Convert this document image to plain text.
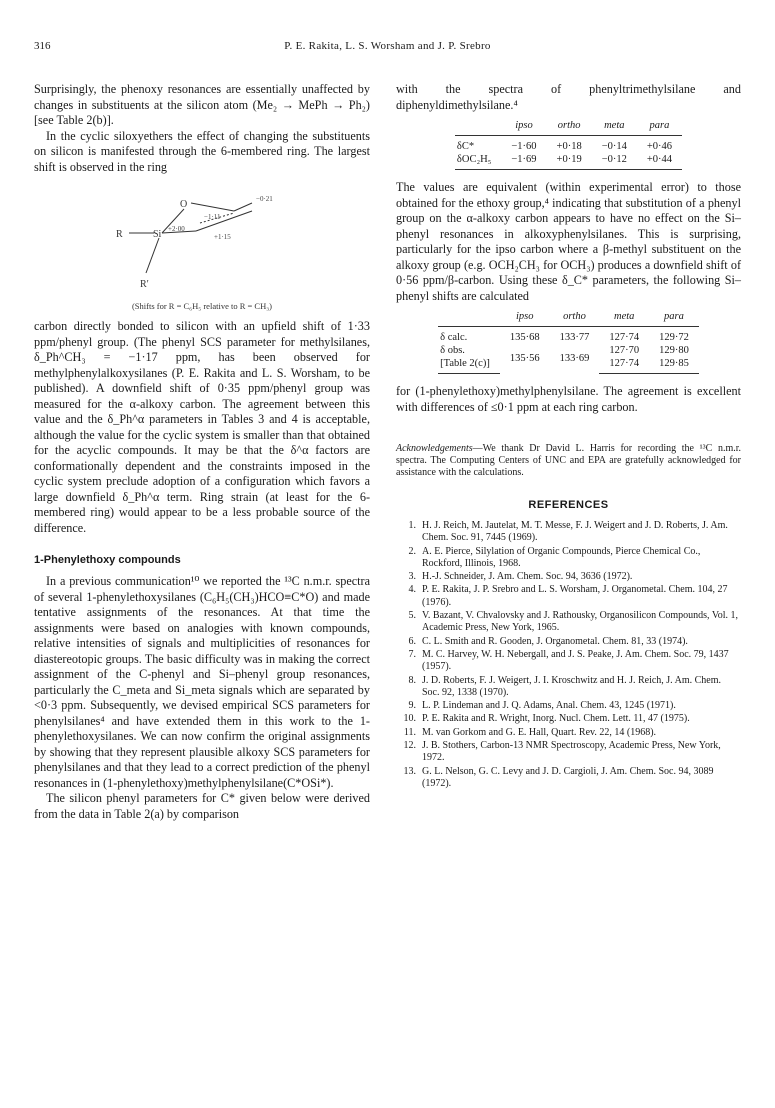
316	P. E. Rakita, L. S. Worsham and J. P. Srebro

Surprisingly, the phenoxy resonances are essentially unaffected by changes in substituents at the silicon atom (Me₂ → MePh → Ph₂) [see Table 2(b)].

In the cyclic siloxyethers the effect of changing the substituents on silicon is manifested through the 6-membered ring. The largest shift is observed in the ring

O	−0·21
−1·11
+2·00
R	Si
R′
+1·15
(Shifts for R = C₆H₅ relative to R = CH₃)

carbon directly bonded to silicon with an upfield shift of 1·33 ppm/phenyl group. (The phenyl SCS parameter for methylsilanes, δ_Ph^CH₃ = −1·17 ppm, has been observed for methylphenylalkoxysilanes (P. E. Rakita and L. S. Worsham, to be published). A downfield shift of 0·35 ppm/phenyl group was measured for the α-alkoxy carbon. The agreement between this value and the δ_Ph^α parameters in Tables 3 and 4 is acceptable, although the value for the cyclic system is smaller than that obtained for the acyclic compounds. It may be that the δ^α factors are conformationally dependent and the constraints imposed in the cyclic system preclude adoption of a configuration which favors a large downfield δ_Ph^α term. Ring strain (at least for the 6-membered ring) would appear to be a less probable source of the difference.

1-Phenylethoxy compounds

In a previous communication¹⁰ we reported the ¹³C n.m.r. spectra of several 1-phenylethoxysilanes (C₆H₅(CH₃)HCO≡C*O) and made tentative assignments of the resonances. At that time the assignments were based on analogies with known compounds, relative intensities of signals and multiplicities of resonances for diastereotopic groups. The basic difficulty was in making the correct assignment of the C-phenyl and Si–phenyl group resonances, particularly the C_meta and Si_meta signals which are separated by <0·3 ppm. Subsequently, we devised empirical SCS parameters for phenylsilanes⁴ and have extended them in this work to the 1-phenylethoxysilanes. We can now confirm the original assignments by showing that they represent plausible alkoxy SCS parameters for phenylsilanes and that they lead to a correct prediction of the phenyl resonances in (1-phenylethoxy)methylphenylsilane(C*OSi*).

The silicon phenyl parameters for C* given below were derived from the data in Table 2(a) by comparison

with the spectra of phenyltrimethylsilane and diphenyldimethylsilane.⁴

	ipso	ortho	meta	para
δC*	−1·60	+0·18	−0·14	+0·46
δOC₂H₅	−1·69	+0·19	−0·12	+0·44

The values are equivalent (within experimental error) to those obtained for the ethoxy group,⁴ indicating that substitution of a phenyl group on the α-alkoxy carbon appears to have no effect on the Si–phenyl resonances in alkoxyphenylsilanes. This is surprising, particularly for the ipso carbon where a β-methyl substituent on the alkoxy group (e.g. OCH₂CH₃ for OCH₃) produces a downfield shift of 0·56 ppm/β-carbon. Using these δ_C* parameters, the following Si–phenyl shifts are calculated

	ipso	ortho	meta	para
δ calc.	135·68	133·77	127·74	129·72
δ obs.	135·56	133·69	127·70	129·80
[Table 2(c)]			127·74	129·85

for (1-phenylethoxy)methylphenylsilane. The agreement is excellent with differences of ≤0·1 ppm at each ring carbon.

Acknowledgements—We thank Dr David L. Harris for recording the ¹³C n.m.r. spectra. The Computing Centers of UNC and EPA are gratefully acknowledged for assistance with the calculations.
REFERENCES
1. H. J. Reich, M. Jautelat, M. T. Messe, F. J. Weigert and J. D. Roberts, J. Am. Chem. Soc. 91, 7445 (1969).
2. A. E. Pierce, Silylation of Organic Compounds, Pierce Chemical Co., Rockford, Illinois, 1968.
3. H.-J. Schneider, J. Am. Chem. Soc. 94, 3636 (1972).
4. P. E. Rakita, J. P. Srebro and L. S. Worsham, J. Organometal. Chem. 104, 27 (1976).
5. V. Bazant, V. Chvalovsky and J. Rathousky, Organosilicon Compounds, Vol. 1, Academic Press, New York, 1965.
6. C. L. Smith and R. Gooden, J. Organometal. Chem. 81, 33 (1974).
7. M. C. Harvey, W. H. Nebergall, and J. S. Peake, J. Am. Chem. Soc. 79, 1437 (1957).
8. J. D. Roberts, F. J. Weigert, J. I. Kroschwitz and H. J. Reich, J. Am. Chem. Soc. 92, 1338 (1970).
9. L. P. Lindeman and J. Q. Adams, Anal. Chem. 43, 1245 (1971).
10. P. E. Rakita and R. Wright, Inorg. Nucl. Chem. Lett. 11, 47 (1975).
11. M. van Gorkom and G. E. Hall, Quart. Rev. 22, 14 (1968).
12. J. B. Stothers, Carbon-13 NMR Spectroscopy, Academic Press, New York, 1972.
13. G. L. Nelson, G. C. Levy and J. D. Cargioli, J. Am. Chem. Soc. 94, 3089 (1972).
